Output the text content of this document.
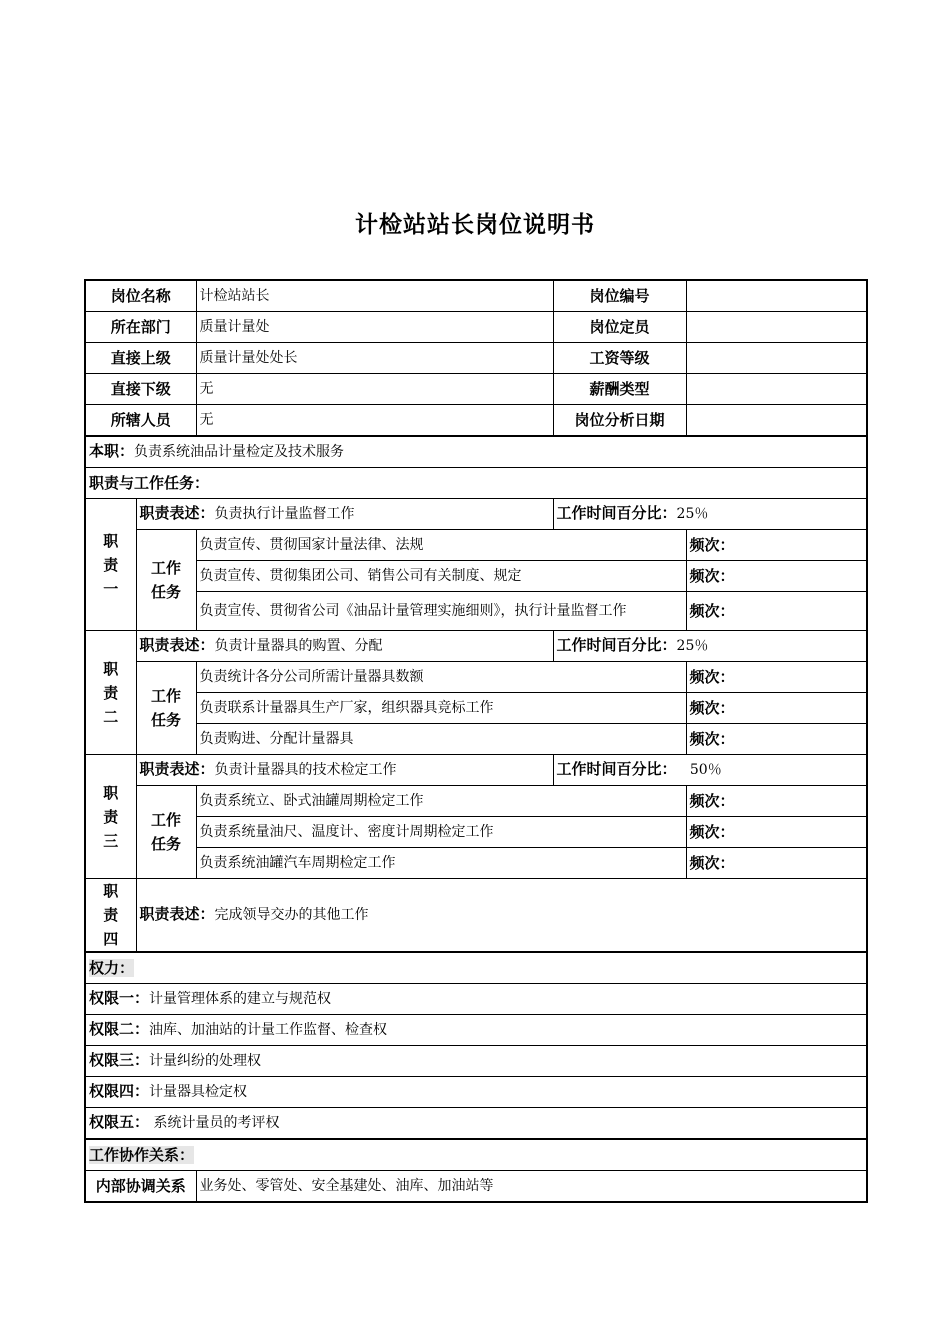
计检站站长岗位说明书
岗位名称		计检站站长	岗位编号	
所在部门		质量计量处	岗位定员	
直接上级		质量计量处处长	工资等级	
直接下级		无	薪酬类型	
所辖人员		无	岗位分析日期	
本职：负责系统油品计量检定及技术服务				
职责与工作任务：				
职
责
一	职责表述：负责执行计量监督工作		工作时间百分比：25％	
	工作
任务	负责宣传、贯彻国家计量法律、法规		频次：
		负责宣传、贯彻集团公司、销售公司有关制度、规定		频次：
		负责宣传、贯彻省公司《油品计量管理实施细则》，执行计量监督工作		频次：
职
责
二	职责表述：负责计量器具的购置、分配		工作时间百分比：25％	
	工作
任务	负责统计各分公司所需计量器具数额		频次：
		负责联系计量器具生产厂家，组织器具竞标工作		频次：
		负责购进、分配计量器具		频次：
职
责
三	职责表述：负责计量器具的技术检定工作		工作时间百分比： 50％	
	工作
任务	负责系统立、卧式油罐周期检定工作		频次：
		负责系统量油尺、温度计、密度计周期检定工作		频次：
		负责系统油罐汽车周期检定工作		频次：
职
责
四	职责表述：完成领导交办的其他工作			
权力：				
权限一：计量管理体系的建立与规范权				
权限二：油库、加油站的计量工作监督、检查权				
权限三：计量纠纷的处理权				
权限四：计量器具检定权				
权限五： 系统计量员的考评权				
工作协作关系：				
内部协调关系		业务处、零管处、安全基建处、油库、加油站等		
